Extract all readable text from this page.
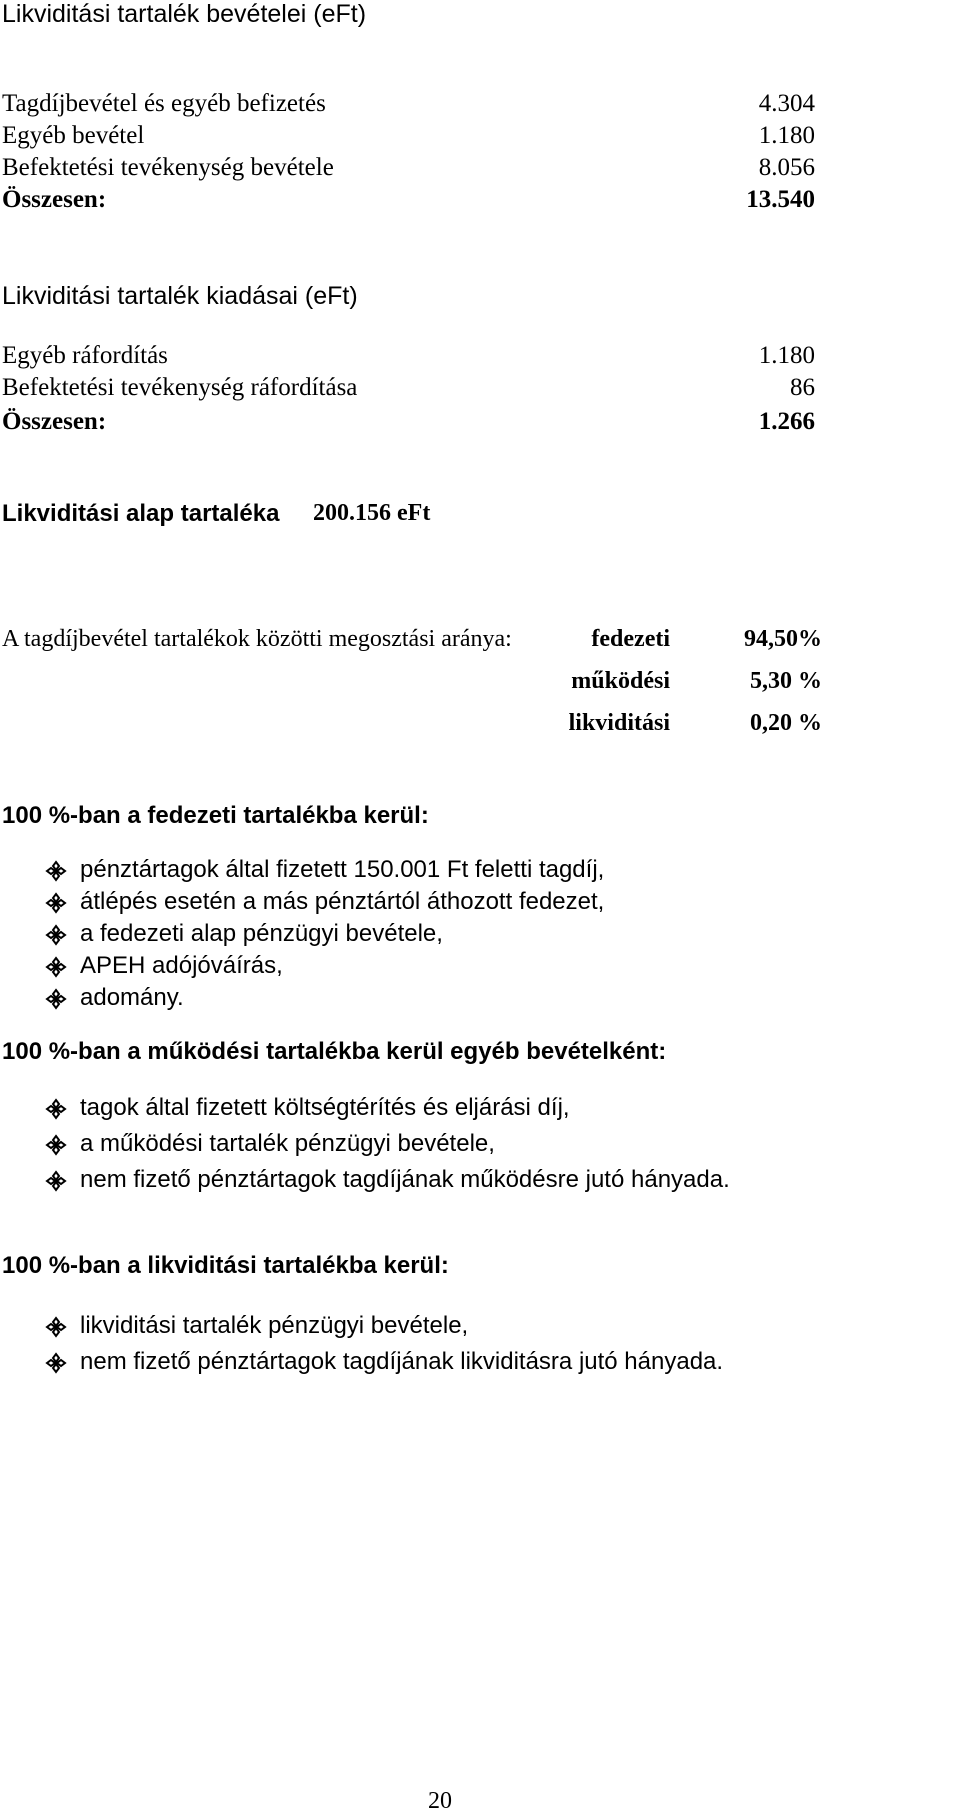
Likviditási tartalék bevételei (eFt)
Tagdíjbevétel és egyéb befizetés	4.304
Egyéb bevétel	1.180
Befektetési tevékenység bevétele	8.056
Összesen:	13.540
Likviditási tartalék kiadásai (eFt)
Egyéb ráfordítás	1.180
Befektetési tevékenység ráfordítása	86
Összesen:	1.266
Likviditási alap tartaléka 200.156 eFt
A tagdíjbevétel tartalékok közötti megosztási aránya:	fedezeti	94,50%
működési	5,30 %
likviditási	0,20 %
100 %-ban a fedezeti tartalékba kerül:
pénztártagok által fizetett 150.001 Ft feletti tagdíj,
átlépés esetén a más pénztártól áthozott fedezet,
a fedezeti alap pénzügyi bevétele,
APEH adójóváírás,
adomány.
100 %-ban a működési tartalékba kerül egyéb bevételként:
tagok által fizetett költségtérítés és eljárási díj,
a működési tartalék pénzügyi bevétele,
nem fizető pénztártagok tagdíjának működésre jutó hányada.
100 %-ban a likviditási tartalékba kerül:
likviditási tartalék pénzügyi bevétele,
nem fizető pénztártagok tagdíjának likviditásra jutó hányada.
20
